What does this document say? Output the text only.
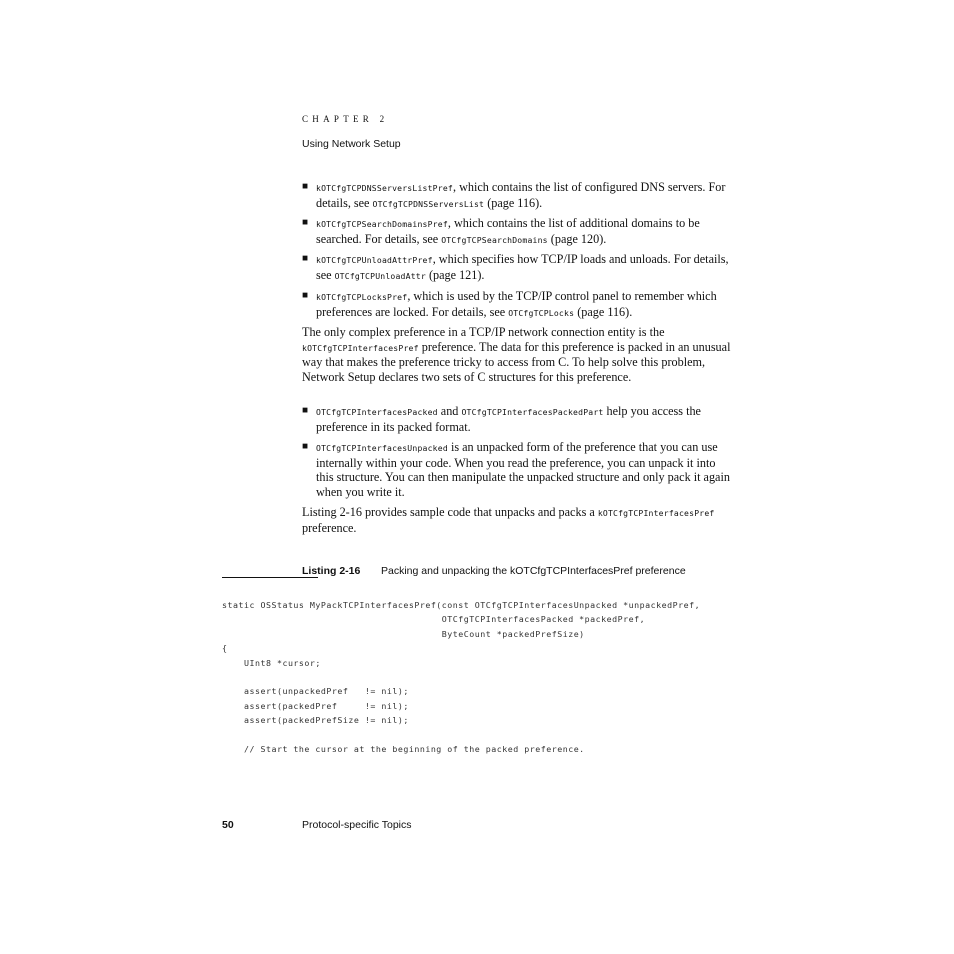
CHAPTER 2
Using Network Setup
■ kOTCfgTCPDNSServersListPref, which contains the list of configured DNS servers. For details, see OTCfgTCPDNSServersList (page 116).
■ kOTCfgTCPSearchDomainsPref, which contains the list of additional domains to be searched. For details, see OTCfgTCPSearchDomains (page 120).
■ kOTCfgTCPUnloadAttrPref, which specifies how TCP/IP loads and unloads. For details, see OTCfgTCPUnloadAttr (page 121).
■ kOTCfgTCPLocksPref, which is used by the TCP/IP control panel to remember which preferences are locked. For details, see OTCfgTCPLocks (page 116).
The only complex preference in a TCP/IP network connection entity is the kOTCfgTCPInterfacesPref preference. The data for this preference is packed in an unusual way that makes the preference tricky to access from C. To help solve this problem, Network Setup declares two sets of C structures for this preference.
■ OTCfgTCPInterfacesPacked and OTCfgTCPInterfacesPackedPart help you access the preference in its packed format.
■ OTCfgTCPInterfacesUnpacked is an unpacked form of the preference that you can use internally within your code. When you read the preference, you can unpack it into this structure. You can then manipulate the unpacked structure and only pack it again when you write it.
Listing 2-16 provides sample code that unpacks and packs a kOTCfgTCPInterfacesPref preference.
Listing 2-16 Packing and unpacking the kOTCfgTCPInterfacesPref preference
static OSStatus MyPackTCPInterfacesPref(const OTCfgTCPInterfacesUnpacked *unpackedPref,
OTCfgTCPInterfacesPacked *packedPref,
ByteCount *packedPrefSize)
{
UInt8 *cursor;

assert(unpackedPref   != nil);
assert(packedPref     != nil);
assert(packedPrefSize != nil);

// Start the cursor at the beginning of the packed preference.
50	Protocol-specific Topics
